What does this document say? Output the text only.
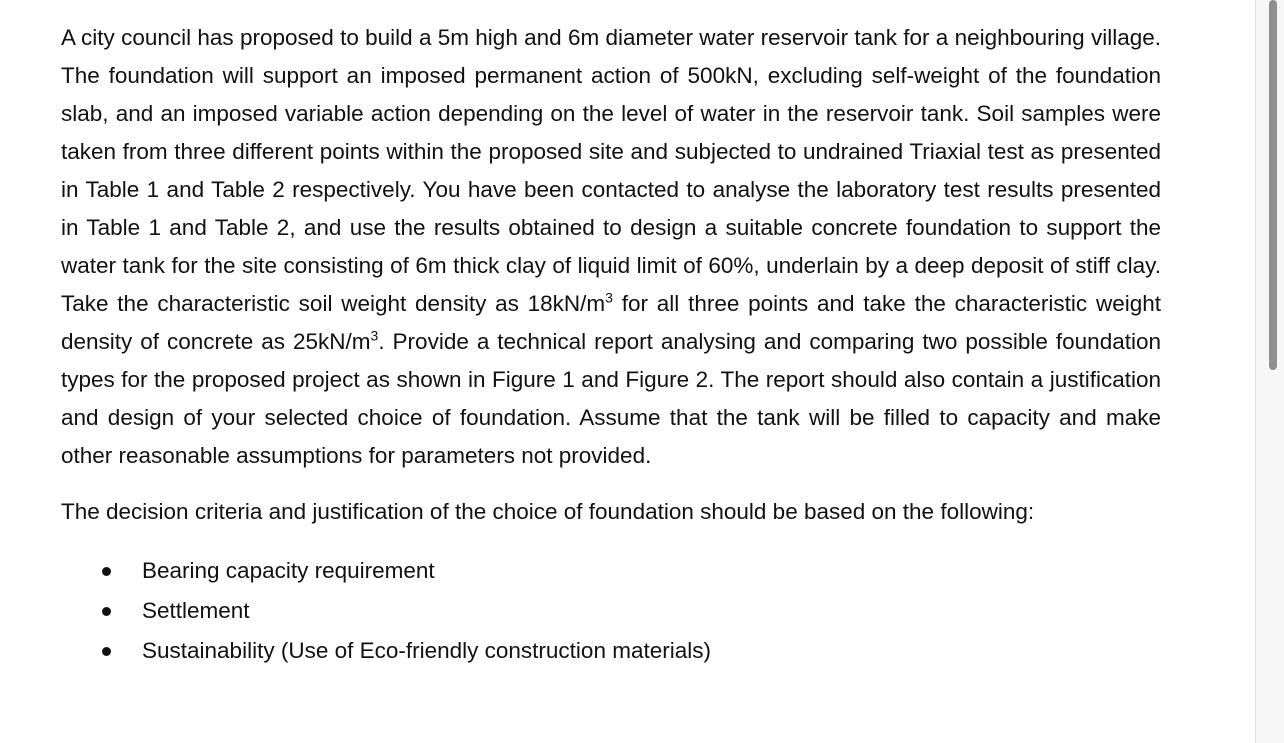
A city council has proposed to build a 5m high and 6m diameter water reservoir tank for a neighbouring village. The foundation will support an imposed permanent action of 500kN, excluding self-weight of the foundation slab, and an imposed variable action depending on the level of water in the reservoir tank. Soil samples were taken from three different points within the proposed site and subjected to undrained Triaxial test as presented in Table 1 and Table 2 respectively. You have been contacted to analyse the laboratory test results presented in Table 1 and Table 2, and use the results obtained to design a suitable concrete foundation to support the water tank for the site consisting of 6m thick clay of liquid limit of 60%, underlain by a deep deposit of stiff clay. Take the characteristic soil weight density as $18kN/m^3$ for all three points and take the characteristic weight density of concrete as $25kN/m^3$. Provide a technical report analysing and comparing two possible foundation types for the proposed project as shown in Figure 1 and Figure 2. The report should also contain a justification and design of your selected choice of foundation. Assume that the tank will be filled to capacity and make other reasonable assumptions for parameters not provided.

The decision criteria and justification of the choice of foundation should be based on the following:

Bearing capacity requirement
Settlement
Sustainability (Use of Eco-friendly construction materials)
